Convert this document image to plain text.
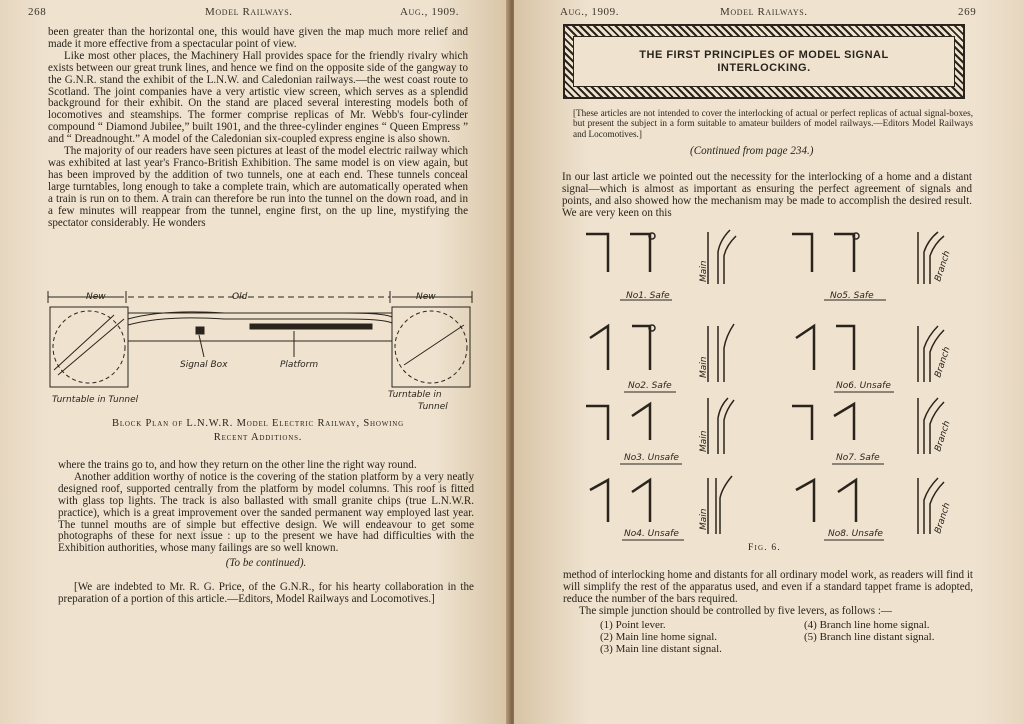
268	Model Railways.	Aug., 1909.

been greater than the horizontal one, this would have given the map much more relief and made it more effective from a spectacular point of view.

Like most other places, the Machinery Hall provides space for the friendly rivalry which exists between our great trunk lines, and hence we find on the opposite side of the gangway to the G.N.R. stand the exhibit of the L.N.W. and Caledonian railways.—the west coast route to Scotland. The joint companies have a very artistic view screen, which serves as a splendid background for their exhibit. On the stand are placed several interesting models both of locomotives and steamships. The former comprise replicas of Mr. Webb's four-cylinder compound “ Diamond Jubilee,” built 1901, and the three-cylinder engines “ Queen Empress ” and “ Dreadnought.” A model of the Caledonian six-coupled express engine is also shown.

The majority of our readers have seen pictures at least of the model electric railway which was exhibited at last year's Franco-British Exhibition. The same model is on view again, but has been improved by the addition of two tunnels, one at each end. These tunnels conceal large turntables, long enough to take a complete train, which are automatically operated when a train is run on to them. A train can therefore be run into the tunnel on the down road, and in a few minutes will reappear from the tunnel, engine first, on the up line, mystifying the spectator considerably. He wonders

New	Old	New
Signal Box	Platform
Turntable in Tunnel	Turntable in
Tunnel
Block Plan of L.N.W.R. Model Electric Railway, Showing
Recent Additions.

where the trains go to, and how they return on the other line the right way round.

Another addition worthy of notice is the covering of the station platform by a very neatly designed roof, supported centrally from the platform by model columns. This roof is fitted with glass top lights. The track is also ballasted with small granite chips (true L.N.W.R. practice), which is a great improvement over the sanded permanent way employed last year. The tunnel mouths are of simple but effective design. We will endeavour to get some photographs of these for next issue : up to the present we have had difficulties with the Exhibition authorities, whose many failings are so well known.

(To be continued).

[We are indebted to Mr. R. G. Price, of the G.N.R., for his hearty collaboration in the preparation of a portion of this article.—Editors, Model Railways and Locomotives.]

Aug., 1909.	Model Railways.	269
THE FIRST PRINCIPLES OF MODEL SIGNAL
INTERLOCKING.
[These articles are not intended to cover the interlocking of actual or perfect replicas of actual signal-boxes, but present the subject in a form suitable to amateur builders of model railways.—Editors Model Railways and Locomotives.]
(Continued from page 234.)
In our last article we pointed out the necessity for the interlocking of a home and a distant signal—which is almost as important as ensuring the perfect agreement of signals and points, and also showed how the mechanism may be made to accomplish the desired result. We are very keen on this
No1. Safe
No2. Safe
No3. Unsafe
No4. Unsafe
No5. Safe
No6. Unsafe
No7. Safe
No8. Unsafe
Main
Main
Main
Main
Branch
Branch
Branch
Branch
Fig. 6.

method of interlocking home and distants for all ordinary model work, as readers will find it will simplify the rest of the apparatus used, and even if a standard tappet frame is adopted, reduce the number of the bars required.

The simple junction should be controlled by five levers, as follows :—

(1) Point lever.
(2) Main line home signal.
(3) Main line distant signal.
(4) Branch line home signal.
(5) Branch line distant signal.
